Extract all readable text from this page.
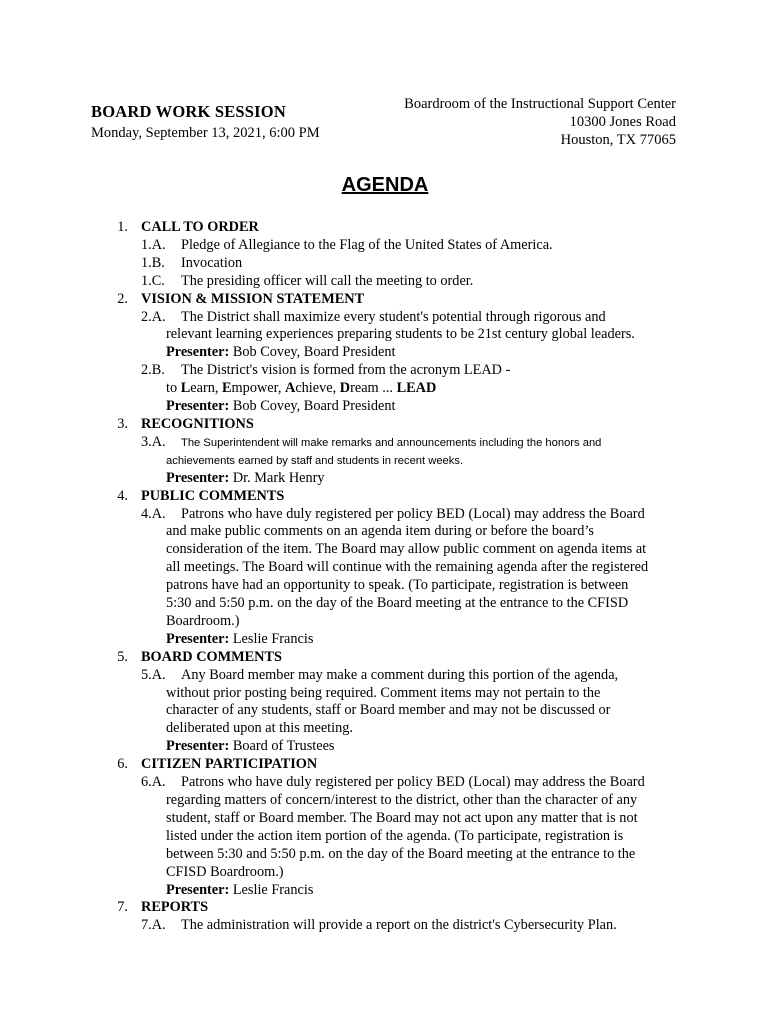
BOARD WORK SESSION
Monday, September 13, 2021, 6:00 PM
Boardroom of the Instructional Support Center
10300 Jones Road
Houston, TX 77065
AGENDA
1. CALL TO ORDER
1.A. Pledge of Allegiance to the Flag of the United States of America.
1.B. Invocation
1.C. The presiding officer will call the meeting to order.
2. VISION & MISSION STATEMENT
2.A. The District shall maximize every student's potential through rigorous and
relevant learning experiences preparing students to be 21st century global leaders.
Presenter: Bob Covey, Board President
2.B. The District's vision is formed from the acronym LEAD -
to Learn, Empower, Achieve, Dream ... LEAD
Presenter: Bob Covey, Board President
3. RECOGNITIONS
3.A. The Superintendent will make remarks and announcements including the honors and
achievements earned by staff and students in recent weeks.
Presenter: Dr. Mark Henry
4. PUBLIC COMMENTS
4.A. Patrons who have duly registered per policy BED (Local) may address the Board
and make public comments on an agenda item during or before the board’s
consideration of the item. The Board may allow public comment on agenda items at
all meetings. The Board will continue with the remaining agenda after the registered
patrons have had an opportunity to speak. (To participate, registration is between
5:30 and 5:50 p.m. on the day of the Board meeting at the entrance to the CFISD
Boardroom.)
Presenter: Leslie Francis
5. BOARD COMMENTS
5.A. Any Board member may make a comment during this portion of the agenda,
without prior posting being required. Comment items may not pertain to the
character of any students, staff or Board member and may not be discussed or
deliberated upon at this meeting.
Presenter: Board of Trustees
6. CITIZEN PARTICIPATION
6.A. Patrons who have duly registered per policy BED (Local) may address the Board
regarding matters of concern/interest to the district, other than the character of any
student, staff or Board member. The Board may not act upon any matter that is not
listed under the action item portion of the agenda. (To participate, registration is
between 5:30 and 5:50 p.m. on the day of the Board meeting at the entrance to the
CFISD Boardroom.)
Presenter: Leslie Francis
7. REPORTS
7.A. The administration will provide a report on the district's Cybersecurity Plan.
